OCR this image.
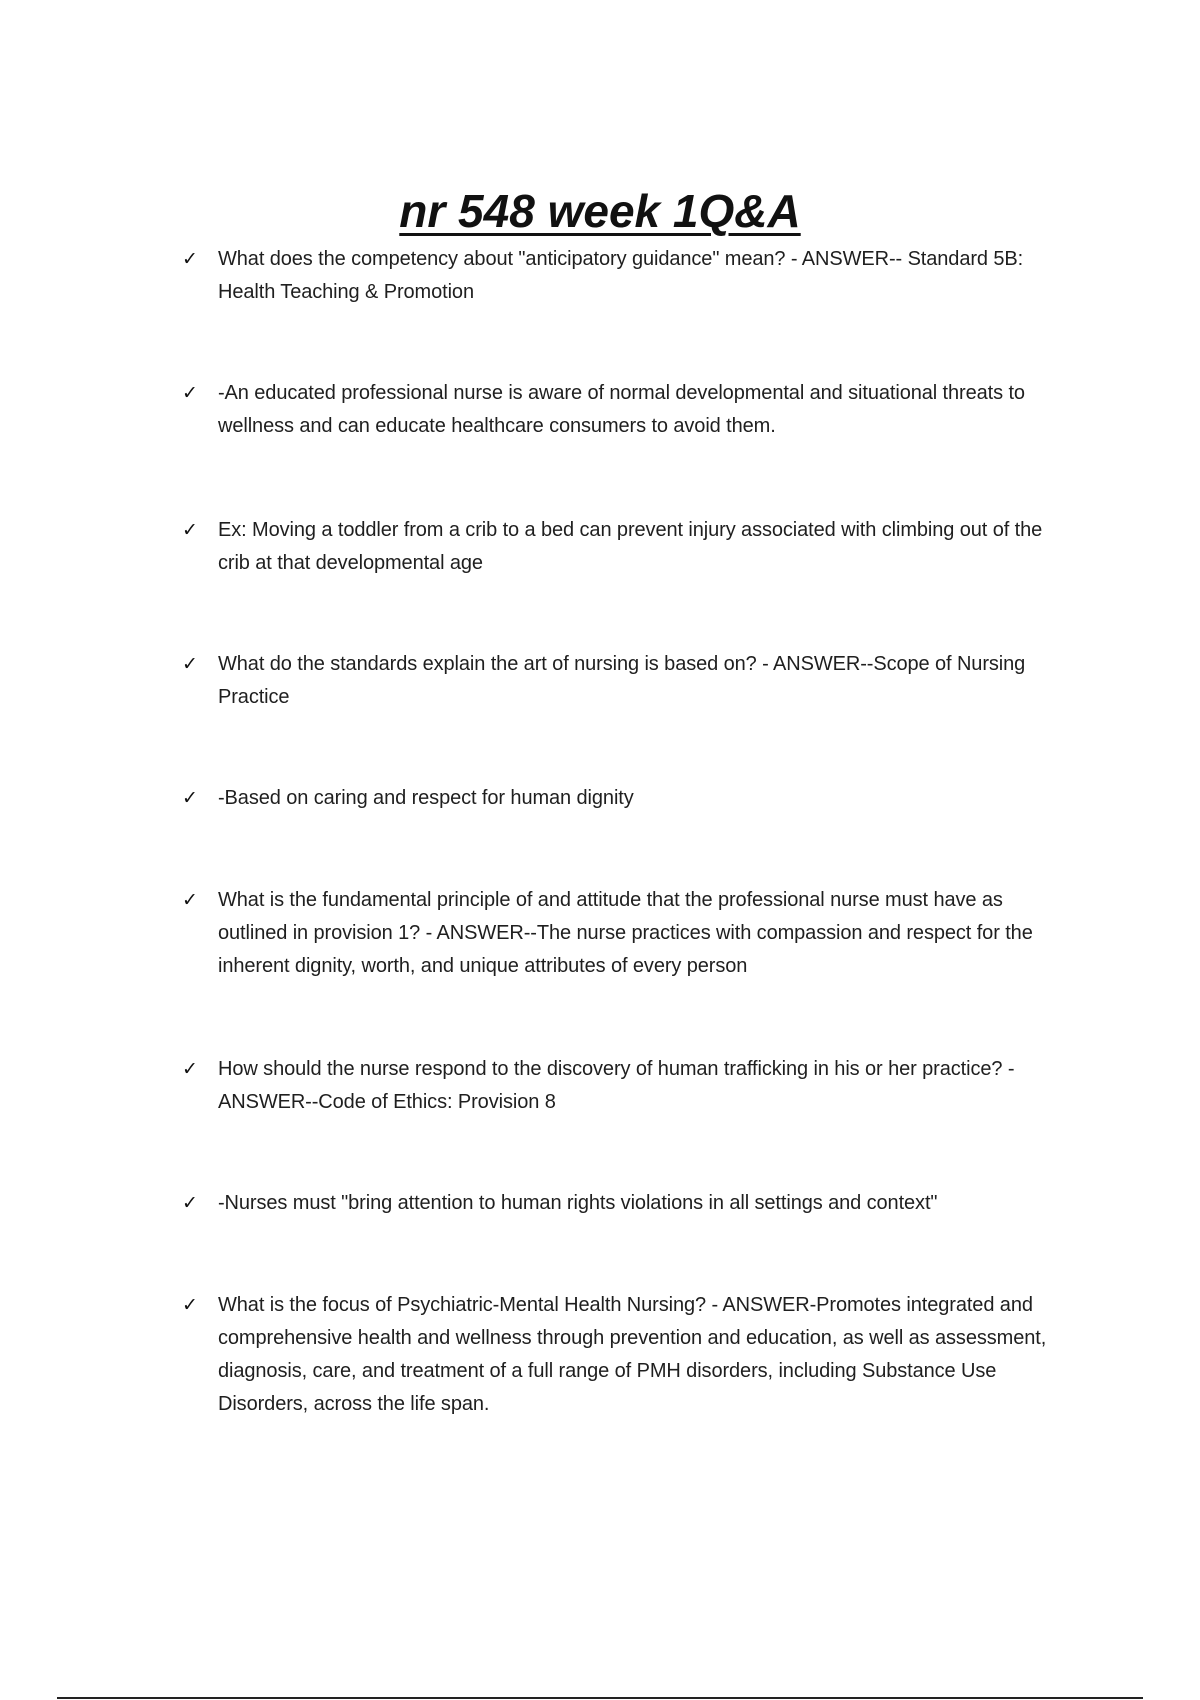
nr 548 week 1Q&A
✓ What does the competency about "anticipatory guidance" mean? - ANSWER-- Standard 5B: Health Teaching & Promotion
✓ -An educated professional nurse is aware of normal developmental and situational threats to wellness and can educate healthcare consumers to avoid them.
✓ Ex: Moving a toddler from a crib to a bed can prevent injury associated with climbing out of the crib at that developmental age
✓ What do the standards explain the art of nursing is based on? - ANSWER--Scope of Nursing Practice
✓ -Based on caring and respect for human dignity
✓ What is the fundamental principle of and attitude that the professional nurse must have as outlined in provision 1? - ANSWER--The nurse practices with compassion and respect for the inherent dignity, worth, and unique attributes of every person
✓ How should the nurse respond to the discovery of human trafficking in his or her practice? - ANSWER--Code of Ethics: Provision 8
✓ -Nurses must "bring attention to human rights violations in all settings and context"
✓ What is the focus of Psychiatric-Mental Health Nursing? - ANSWER-Promotes integrated and comprehensive health and wellness through prevention and education, as well as assessment, diagnosis, care, and treatment of a full range of PMH disorders, including Substance Use Disorders, across the life span.
